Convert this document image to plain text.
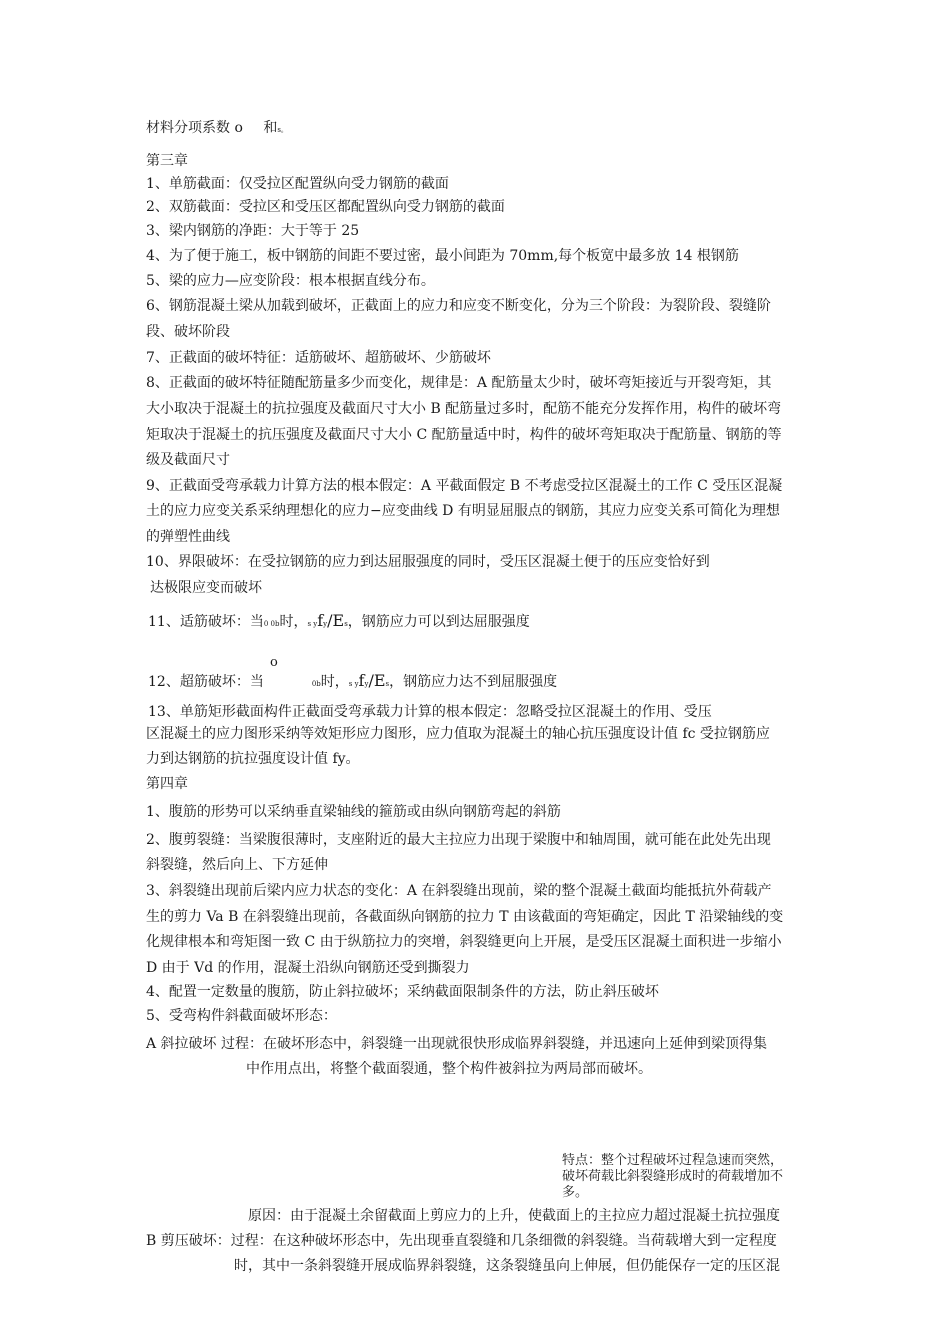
材料分项系数 o 和s。
第三章
1、单筋截面：仅受拉区配置纵向受力钢筋的截面
2、双筋截面：受拉区和受压区都配置纵向受力钢筋的截面
3、梁内钢筋的净距：大于等于 25
4、为了便于施工，板中钢筋的间距不要过密，最小间距为 70mm,每个板宽中最多放 14 根钢筋
5、梁的应力—应变阶段：根本根据直线分布。
6、钢筋混凝土梁从加载到破坏，正截面上的应力和应变不断变化，分为三个阶段：为裂阶段、裂缝阶
段、破坏阶段
7、正截面的破坏特征：适筋破坏、超筋破坏、少筋破坏
8、正截面的破坏特征随配筋量多少而变化，规律是：A 配筋量太少时，破坏弯矩接近与开裂弯矩，其
大小取决于混凝土的抗拉强度及截面尺寸大小 B 配筋量过多时，配筋不能充分发挥作用，构件的破坏弯
矩取决于混凝土的抗压强度及截面尺寸大小 C 配筋量适中时，构件的破坏弯矩取决于配筋量、钢筋的等
级及截面尺寸
9、正截面受弯承载力计算方法的根本假定：A 平截面假定 B 不考虑受拉区混凝土的工作 C 受压区混凝
土的应力应变关系采纳理想化的应力−应变曲线 D 有明显屈服点的钢筋，其应力应变关系可简化为理想
的弹塑性曲线
10、界限破坏：在受拉钢筋的应力到达屈服强度的同时，受压区混凝土便于的压应变恰好到
达极限应变而破坏
11、适筋破坏：当0 0b时，s yfy/Es，钢筋应力可以到达屈服强度
o
12、超筋破坏：当	0b时，s yfy/Es，钢筋应力达不到屈服强度
13、单筋矩形截面构件正截面受弯承载力计算的根本假定：忽略受拉区混凝土的作用、受压
区混凝土的应力图形采纳等效矩形应力图形，应力值取为混凝土的轴心抗压强度设计值 fc 受拉钢筋应
力到达钢筋的抗拉强度设计值 fy。
第四章
1、腹筋的形势可以采纳垂直梁轴线的箍筋或由纵向钢筋弯起的斜筋
2、腹剪裂缝：当梁腹很薄时，支座附近的最大主拉应力出现于梁腹中和轴周围，就可能在此处先出现
斜裂缝，然后向上、下方延伸
3、斜裂缝出现前后梁内应力状态的变化：A 在斜裂缝出现前，梁的整个混凝土截面均能抵抗外荷载产
生的剪力 Va B 在斜裂缝出现前，各截面纵向钢筋的拉力 T 由该截面的弯矩确定，因此 T 沿梁轴线的变
化规律根本和弯矩图一致 C 由于纵筋拉力的突增，斜裂缝更向上开展，是受压区混凝土面积进一步缩小
D 由于 Vd 的作用，混凝土沿纵向钢筋还受到撕裂力
4、配置一定数量的腹筋，防止斜拉破坏；采纳截面限制条件的方法，防止斜压破坏
5、受弯构件斜截面破坏形态：
A 斜拉破坏 过程：在破坏形态中，斜裂缝一出现就很快形成临界斜裂缝，并迅速向上延伸到梁顶得集
中作用点出，将整个截面裂通，整个构件被斜拉为两局部而破坏。
特点：整个过程破坏过程急速而突然，
破坏荷载比斜裂缝形成时的荷载增加不
多。
原因：由于混凝土余留截面上剪应力的上升，使截面上的主拉应力超过混凝土抗拉强度
B 剪压破坏：过程：在这种破坏形态中，先出现垂直裂缝和几条细微的斜裂缝。当荷载增大到一定程度
时，其中一条斜裂缝开展成临界斜裂缝，这条裂缝虽向上伸展，但仍能保存一定的压区混
